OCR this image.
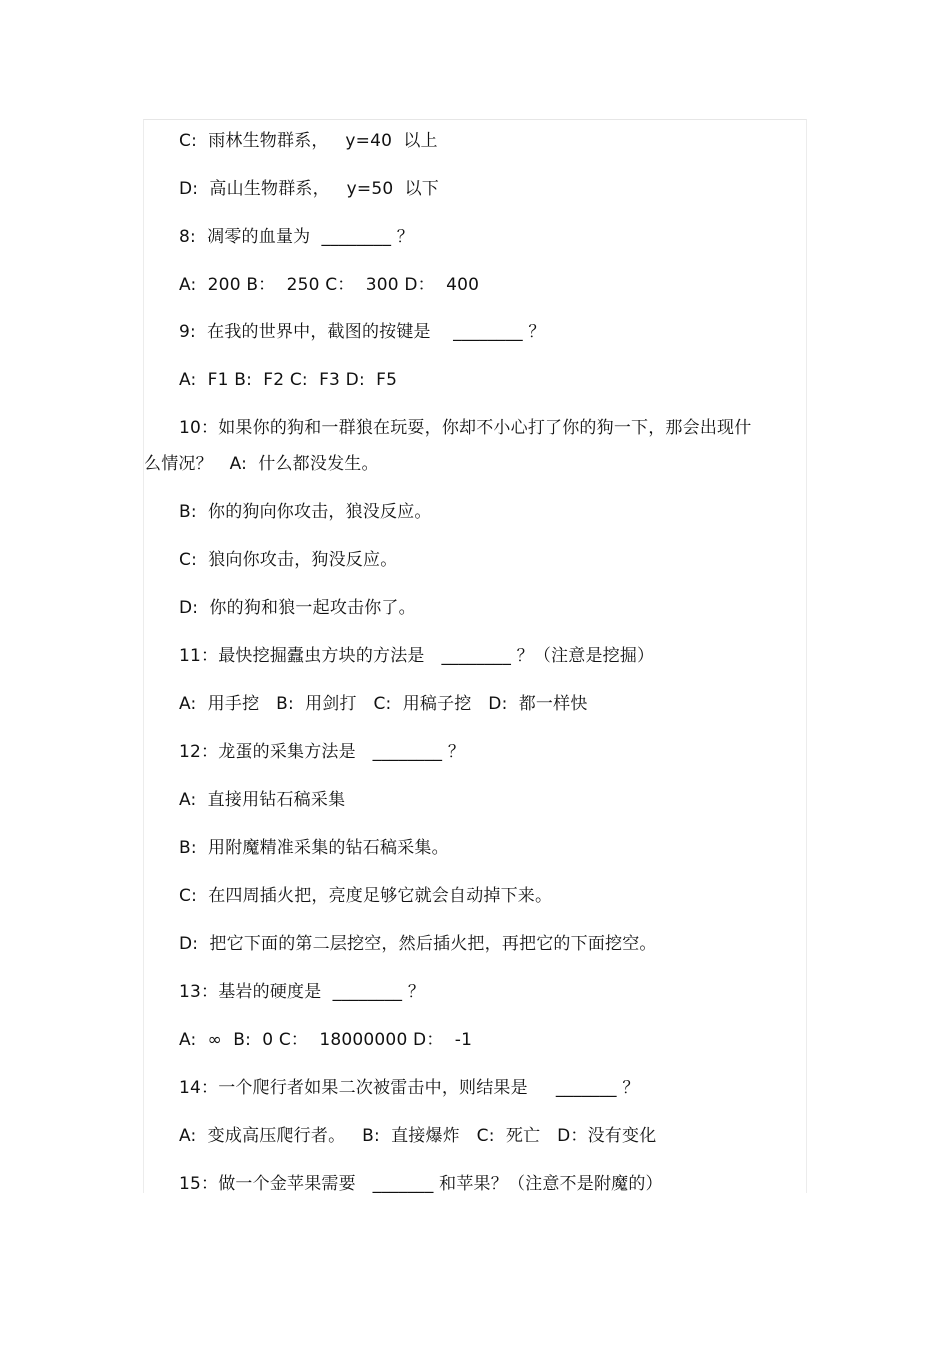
C:  雨林生物群系，   y=40  以上
D:  高山生物群系，   y=50  以下
8:  凋零的血量为  ________ ？
A:  200 B：  250 C：  300 D：  400
9:  在我的世界中，截图的按键是    ________ ？
A:  F1 B:  F2 C:  F3 D:  F5
10：如果你的狗和一群狼在玩耍，你却不小心打了你的狗一下，那会出现什
么情况？   A:  什么都没发生。
B:  你的狗向你攻击，狼没反应。
C:  狼向你攻击，狗没反应。
D:  你的狗和狼一起攻击你了。
11：最快挖掘蠹虫方块的方法是   ________ ？（注意是挖掘）
A:  用手挖   B:  用剑打   C:  用稿子挖   D:  都一样快
12：龙蛋的采集方法是   ________ ？
A:  直接用钻石稿采集
B:  用附魔精准采集的钻石稿采集。
C:  在四周插火把，亮度足够它就会自动掉下来。
D:  把它下面的第二层挖空，然后插火把，再把它的下面挖空。
13：基岩的硬度是  ________ ？
A:  ∞  B:  0 C：  18000000 D：  -1
14：一个爬行者如果二次被雷击中，则结果是     _______ ？
A:  变成高压爬行者。   B:  直接爆炸   C:  死亡   D：没有变化
15：做一个金苹果需要   _______ 和苹果？（注意不是附魔的）
